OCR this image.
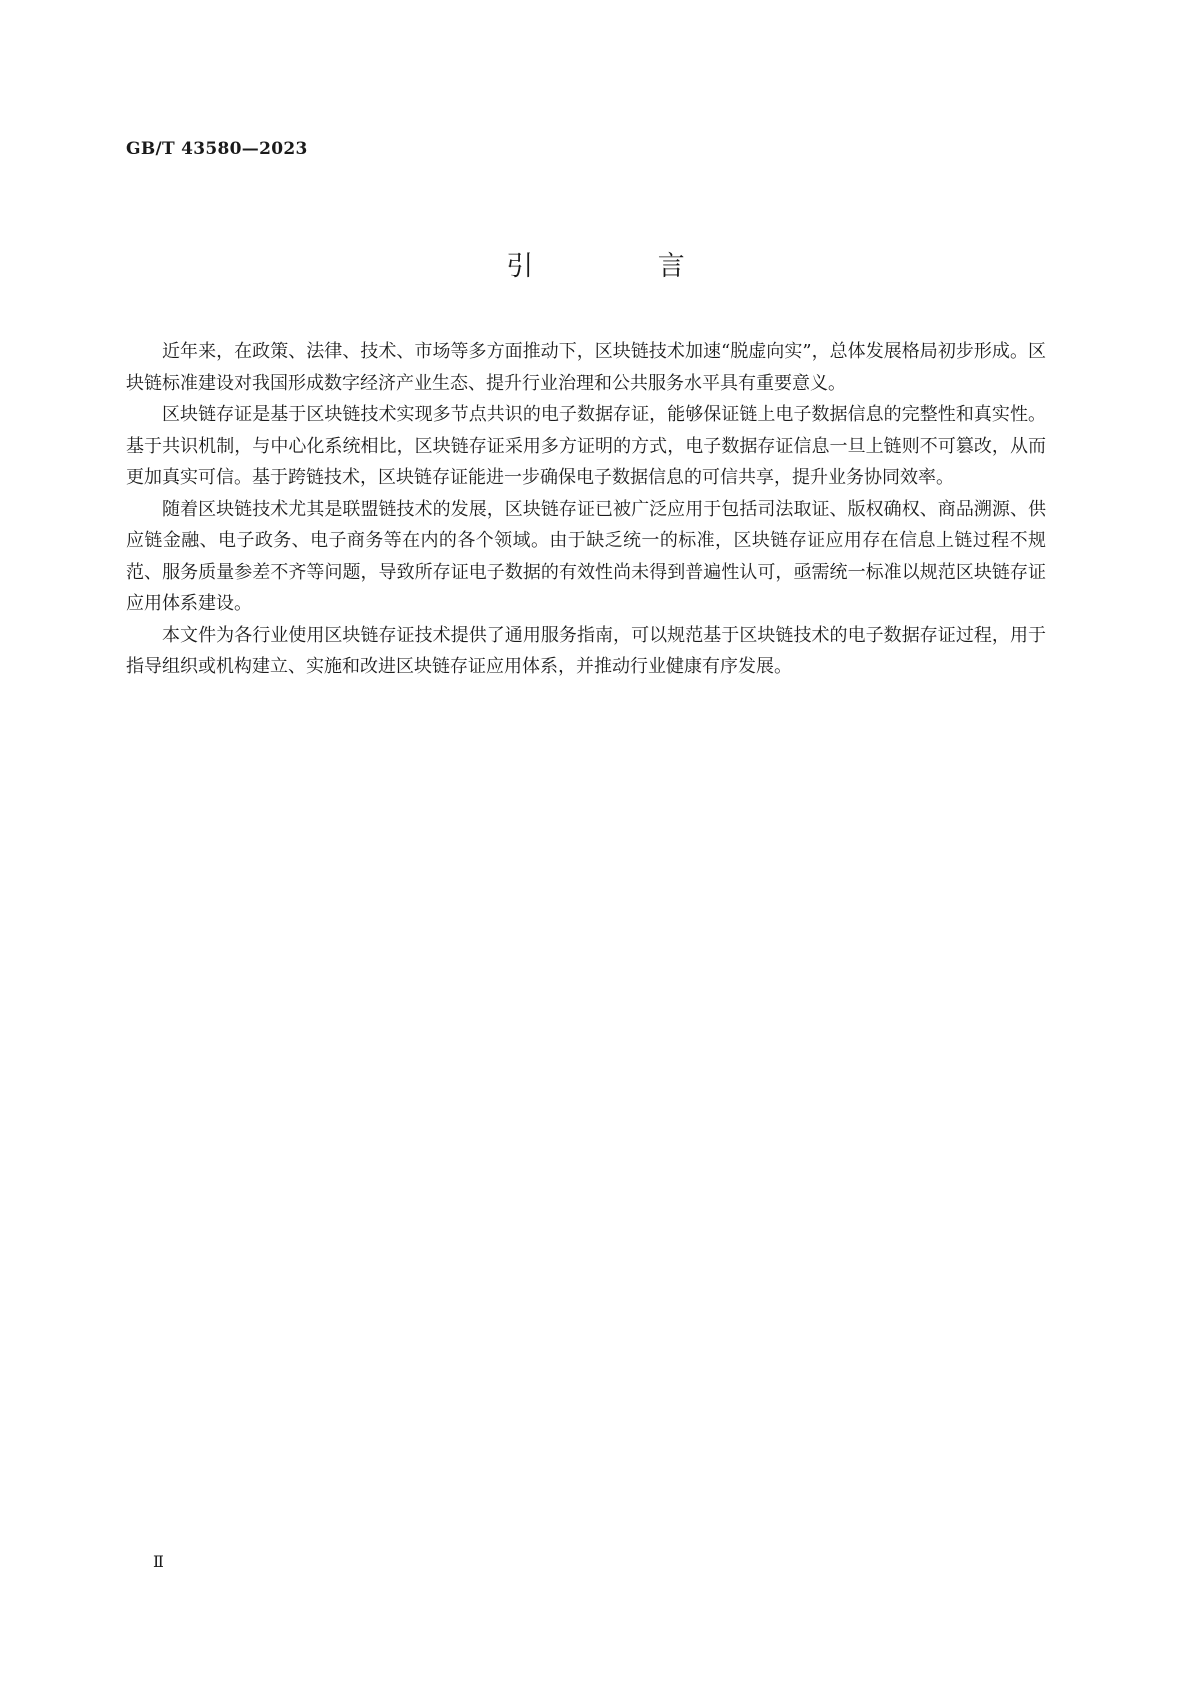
GB/T 43580—2023
引 言

近年来，在政策、法律、技术、市场等多方面推动下，区块链技术加速“脱虚向实”，总体发展格局初步形成。区块链标准建设对我国形成数字经济产业生态、提升行业治理和公共服务水平具有重要意义。

区块链存证是基于区块链技术实现多节点共识的电子数据存证，能够保证链上电子数据信息的完整性和真实性。基于共识机制，与中心化系统相比，区块链存证采用多方证明的方式，电子数据存证信息一旦上链则不可篡改，从而更加真实可信。基于跨链技术，区块链存证能进一步确保电子数据信息的可信共享，提升业务协同效率。

随着区块链技术尤其是联盟链技术的发展，区块链存证已被广泛应用于包括司法取证、版权确权、商品溯源、供应链金融、电子政务、电子商务等在内的各个领域。由于缺乏统一的标准，区块链存证应用存在信息上链过程不规范、服务质量参差不齐等问题，导致所存证电子数据的有效性尚未得到普遍性认可，亟需统一标准以规范区块链存证应用体系建设。

本文件为各行业使用区块链存证技术提供了通用服务指南，可以规范基于区块链技术的电子数据存证过程，用于指导组织或机构建立、实施和改进区块链存证应用体系，并推动行业健康有序发展。

Ⅱ
